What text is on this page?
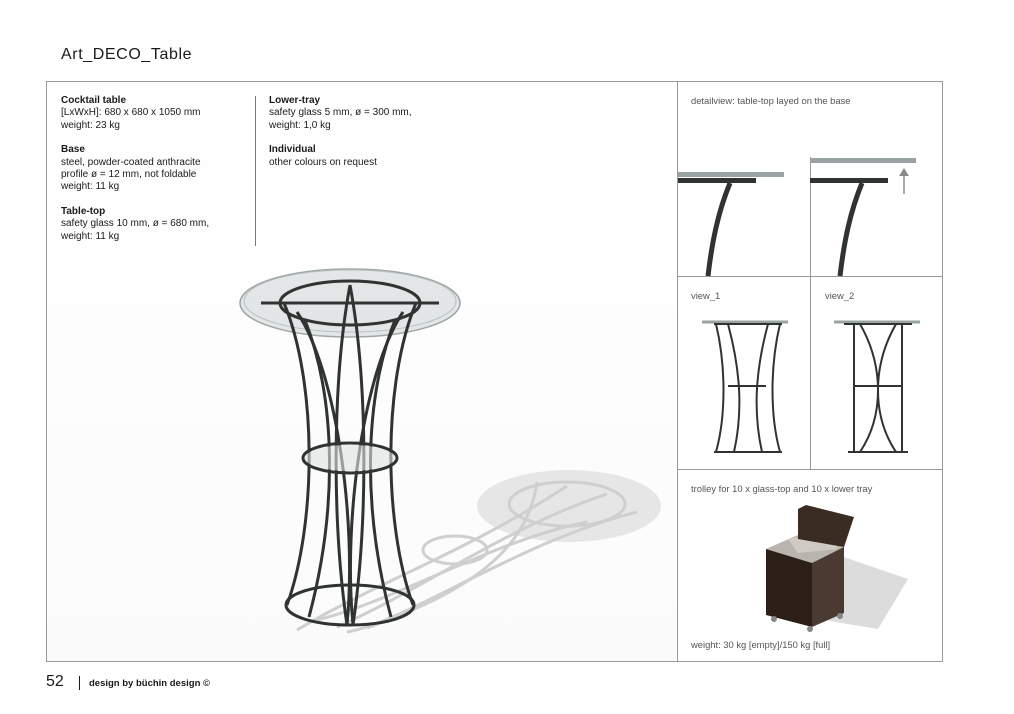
Art_DECO_Table
Cocktail table
[LxWxH]: 680 x 680 x 1050 mm
weight: 23 kg
Base
steel, powder-coated anthracite
profile ø = 12 mm, not foldable
weight: 11 kg
Table-top
safety glass 10 mm, ø = 680 mm,
weight: 11 kg
Lower-tray
safety glass 5 mm, ø = 300 mm,
weight: 1,0 kg
Individual
other colours on request
detailview: table-top layed on the base
view_1	view_2
trolley for 10 x glass-top and 10 x lower tray
weight: 30 kg [empty]/150 kg [full]
52	design by büchin design ©
